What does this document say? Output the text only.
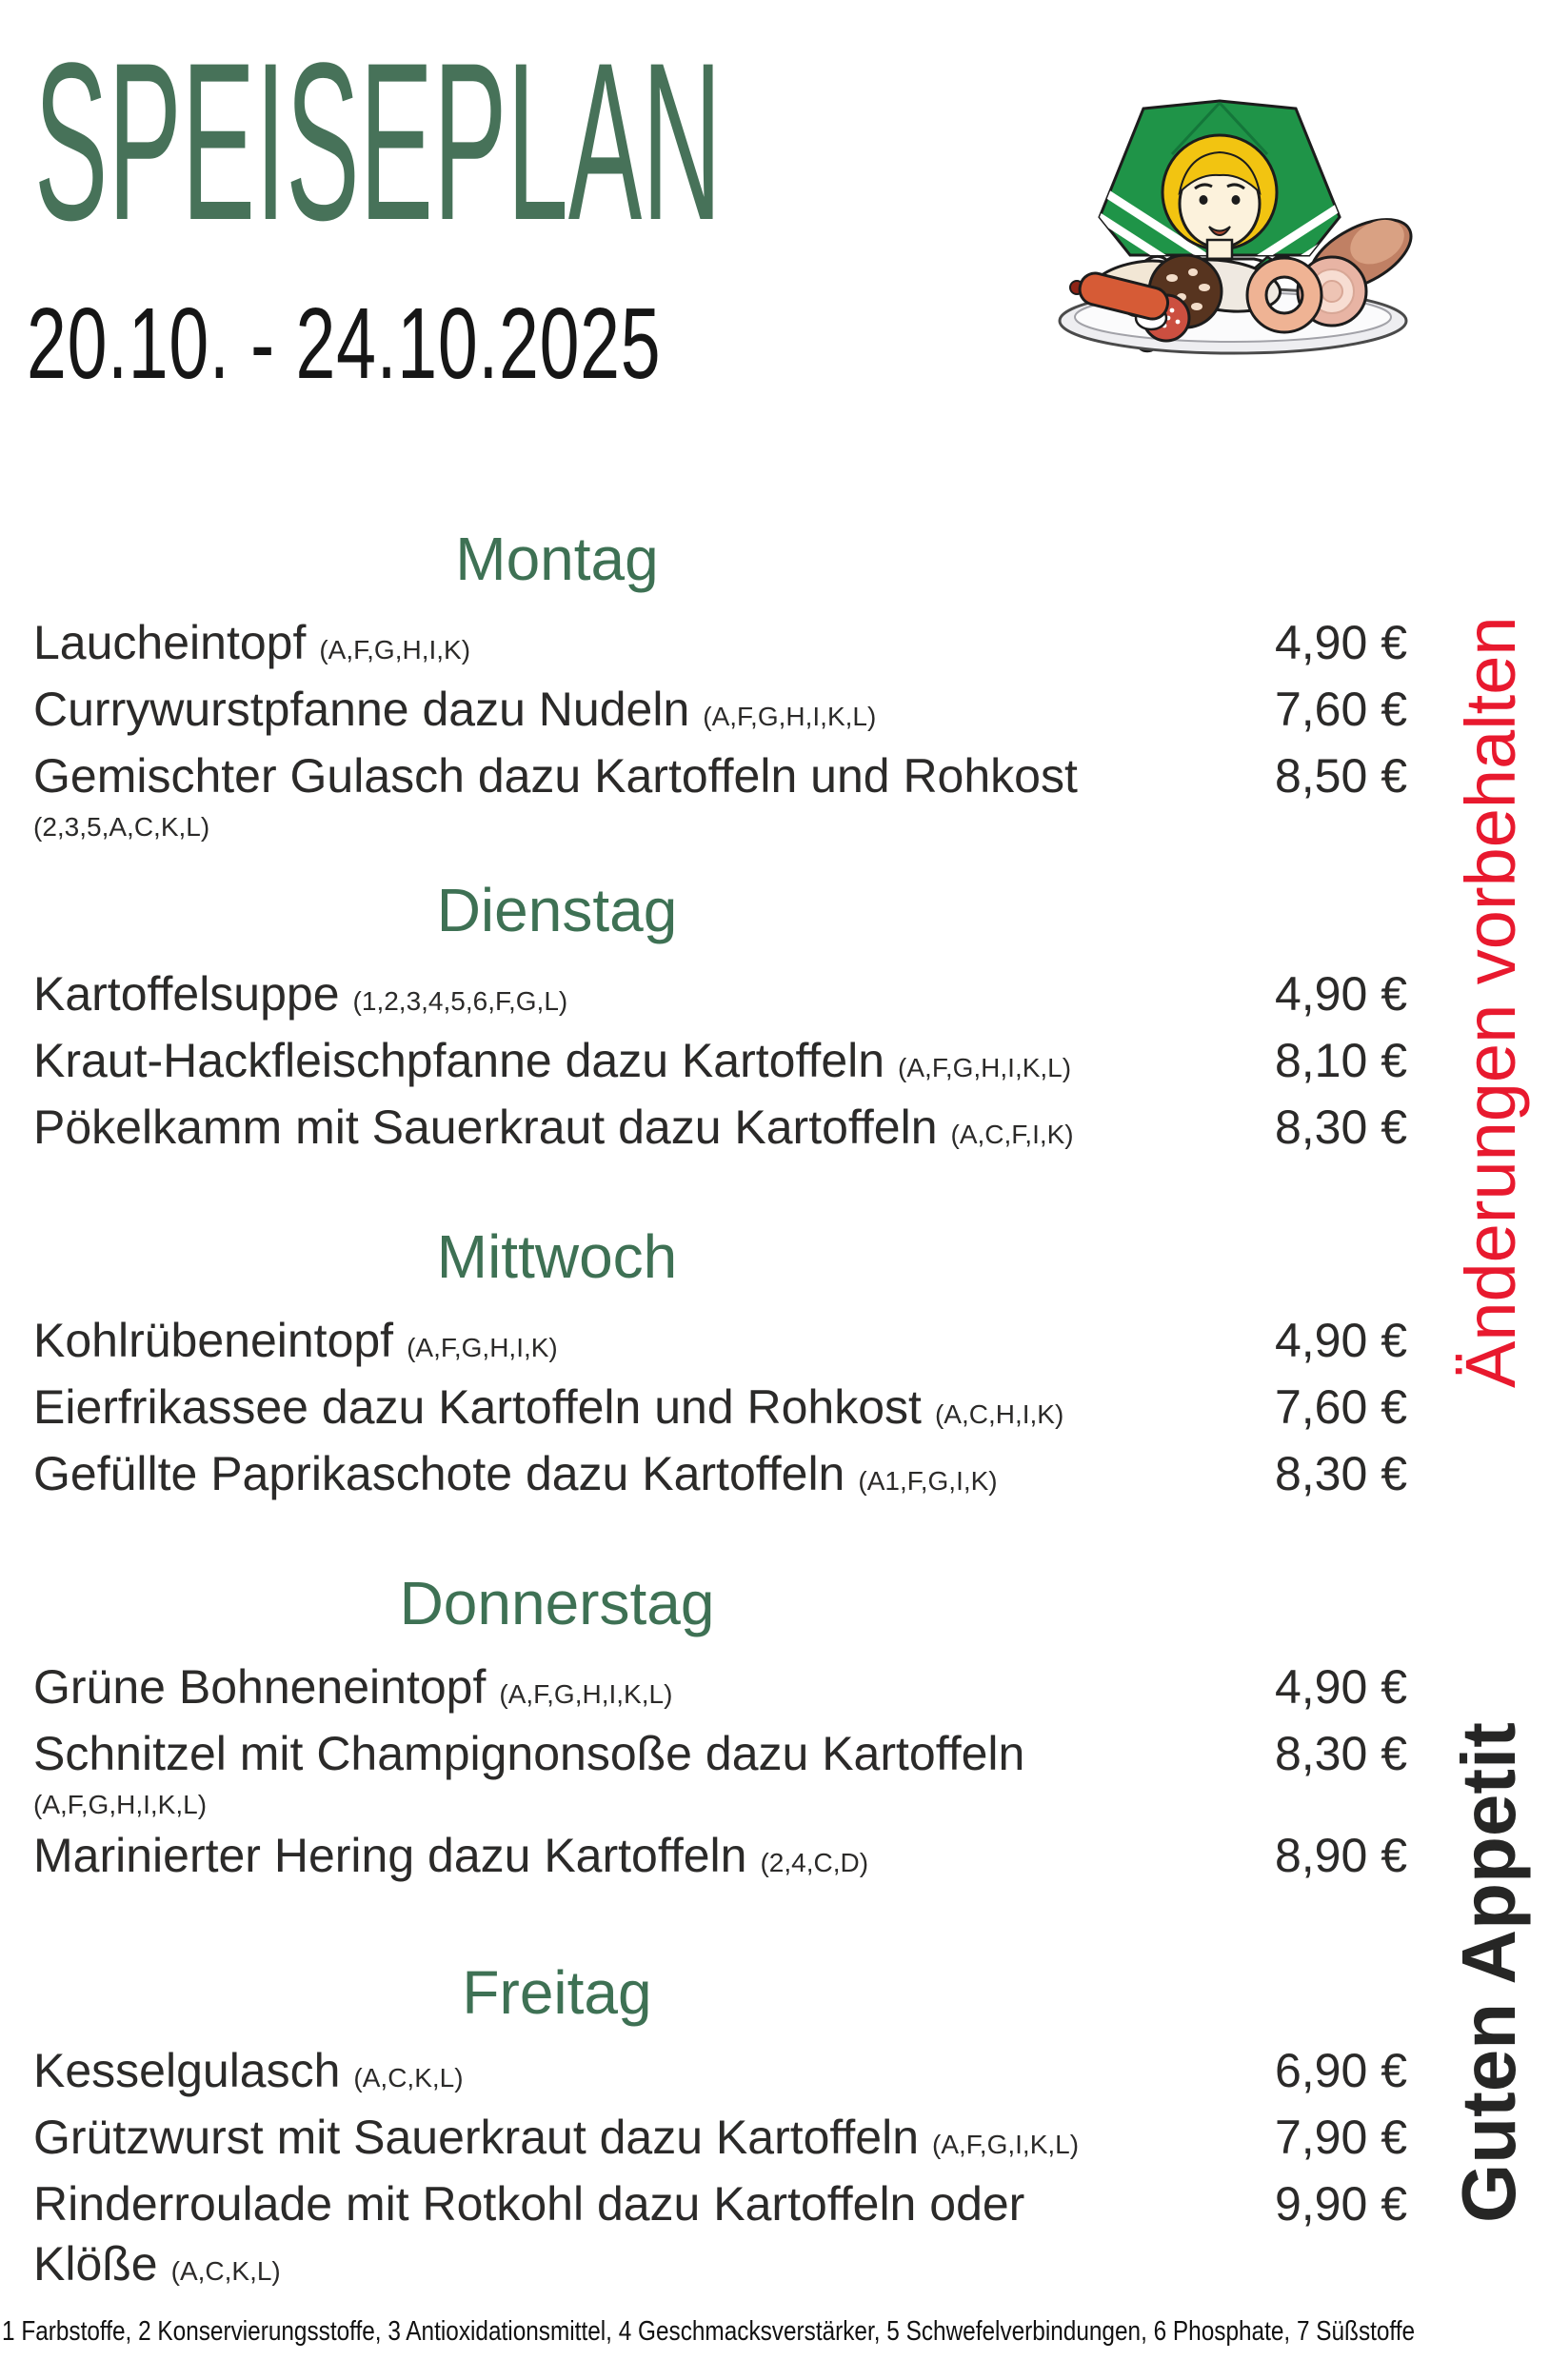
SPEISEPLAN
20.10. - 24.10.2025
Montag
Laucheintopf (A,F,G,H,I,K)	4,90 €
Currywurstpfanne dazu Nudeln (A,F,G,H,I,K,L)	7,60 €
Gemischter Gulasch dazu Kartoffeln und Rohkost	8,50 €
(2,3,5,A,C,K,L)
Dienstag
Kartoffelsuppe (1,2,3,4,5,6,F,G,L)	4,90 €
Kraut-Hackfleischpfanne dazu Kartoffeln (A,F,G,H,I,K,L)	8,10 €
Pökelkamm mit Sauerkraut dazu Kartoffeln (A,C,F,I,K)	8,30 €
Mittwoch
Kohlrübeneintopf (A,F,G,H,I,K)	4,90 €
Eierfrikassee dazu Kartoffeln und Rohkost (A,C,H,I,K)	7,60 €
Gefüllte Paprikaschote dazu Kartoffeln (A1,F,G,I,K)	8,30 €
Donnerstag
Grüne Bohneneintopf (A,F,G,H,I,K,L)	4,90 €
Schnitzel mit Champignonsoße dazu Kartoffeln	8,30 €
(A,F,G,H,I,K,L)
Marinierter Hering dazu Kartoffeln (2,4,C,D)	8,90 €
Freitag
Kesselgulasch (A,C,K,L)	6,90 €
Grützwurst mit Sauerkraut dazu Kartoffeln (A,F,G,I,K,L)	7,90 €
Rinderroulade mit Rotkohl dazu Kartoffeln oder	9,90 €
Klöße (A,C,K,L)
Änderungen vorbehalten
Guten Appetit
1 Farbstoffe, 2 Konservierungsstoffe, 3 Antioxidationsmittel, 4 Geschmacksverstärker, 5 Schwefelverbindungen, 6 Phosphate, 7 Süßstoffe
